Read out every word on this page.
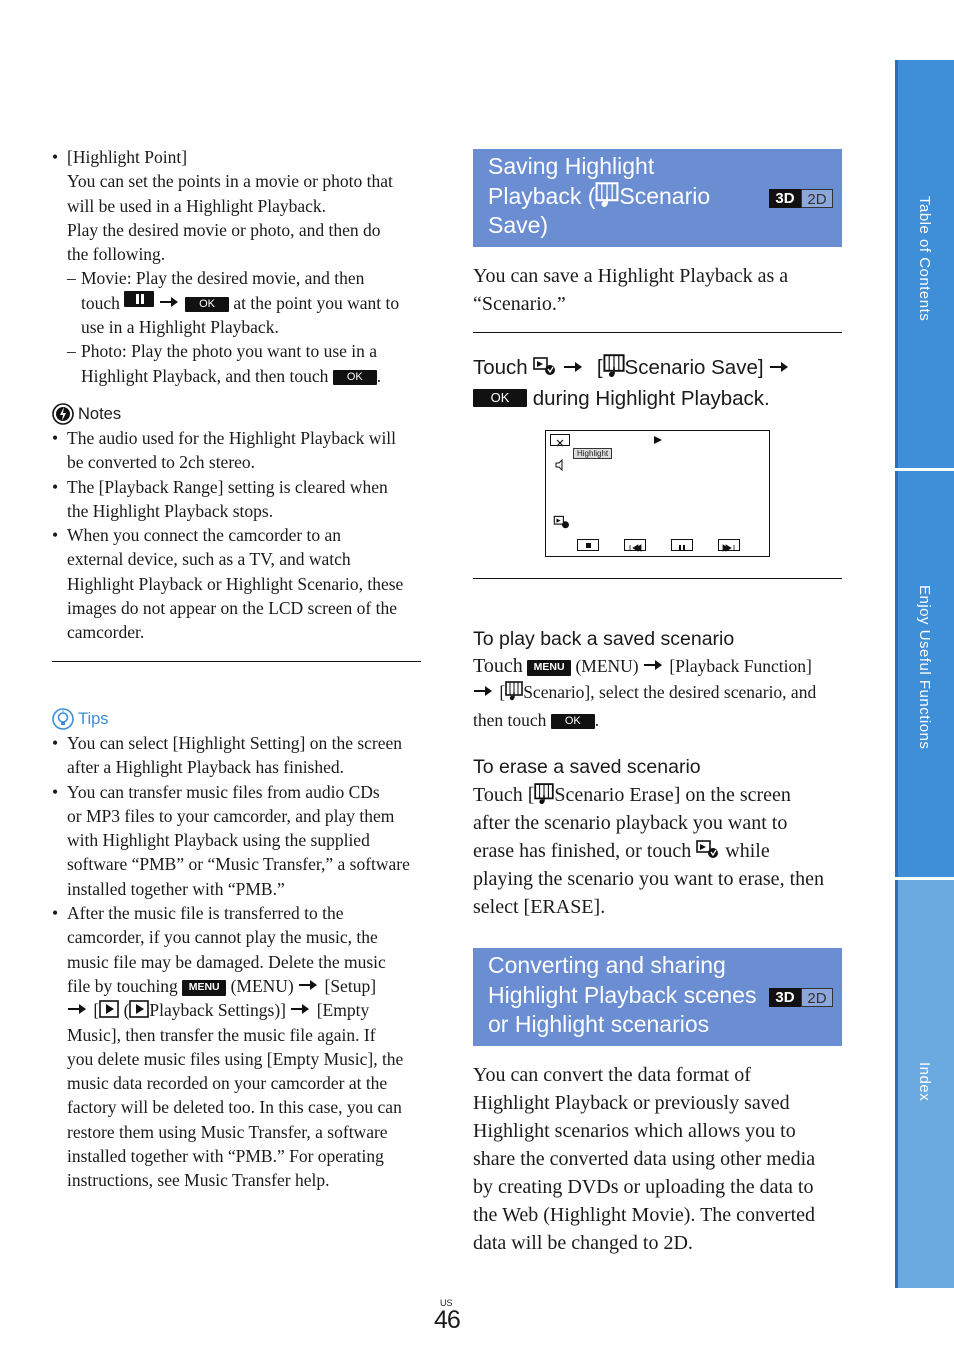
• [Highlight Point]
You can set the points in a movie or photo that
will be used in a Highlight Playback.
Play the desired movie or photo, and then do
the following.
– Movie: Play the desired movie, and then
touch	OK at the point you want to
use in a Highlight Playback.
– Photo: Play the photo you want to use in a
Highlight Playback, and then touch OK .
Notes
• The audio used for the Highlight Playback will
be converted to 2ch stereo.
• The [Playback Range] setting is cleared when
the Highlight Playback stops.
• When you connect the camcorder to an
external device, such as a TV, and watch
Highlight Playback or Highlight Scenario, these
images do not appear on the LCD screen of the
camcorder.
Tips
• You can select [Highlight Setting] on the screen
after a Highlight Playback has finished.
• You can transfer music files from audio CDs
or MP3 files to your camcorder, and play them
with Highlight Playback using the supplied
software “PMB” or “Music Transfer,” a software
installed together with “PMB.”
• After the music file is transferred to the
camcorder, if you cannot play the music, the
music file may be damaged. Delete the music
file by touching MENU (MENU) [Setup]
[ ( Playback Settings)] [Empty
Music], then transfer the music file again. If
you delete music files using [Empty Music], the
music data recorded on your camcorder at the
factory will be deleted too. In this case, you can
restore them using Music Transfer, a software
installed together with “PMB.” For operating
instructions, see Music Transfer help.
Saving Highlight
Playback ( Scenario
Save)
3D 2D
You can save a Highlight Playback as a
“Scenario.”
Touch	[ Scenario Save]
OK during Highlight Playback.
Highlight
To play back a saved scenario
Touch MENU (MENU) [Playback Function]
[ Scenario], select the desired scenario, and
then touch OK .
To erase a saved scenario
Touch [ Scenario Erase] on the screen
after the scenario playback you want to
erase has finished, or touch while
playing the scenario you want to erase, then
select [ERASE].
Converting and sharing
Highlight Playback scenes
or Highlight scenarios
3D 2D
You can convert the data format of
Highlight Playback or previously saved
Highlight scenarios which allows you to
share the converted data using other media
by creating DVDs or uploading the data to
the Web (Highlight Movie). The converted
data will be changed to 2D.
Table of Contents
Enjoy Useful Functions
Index
US
46
